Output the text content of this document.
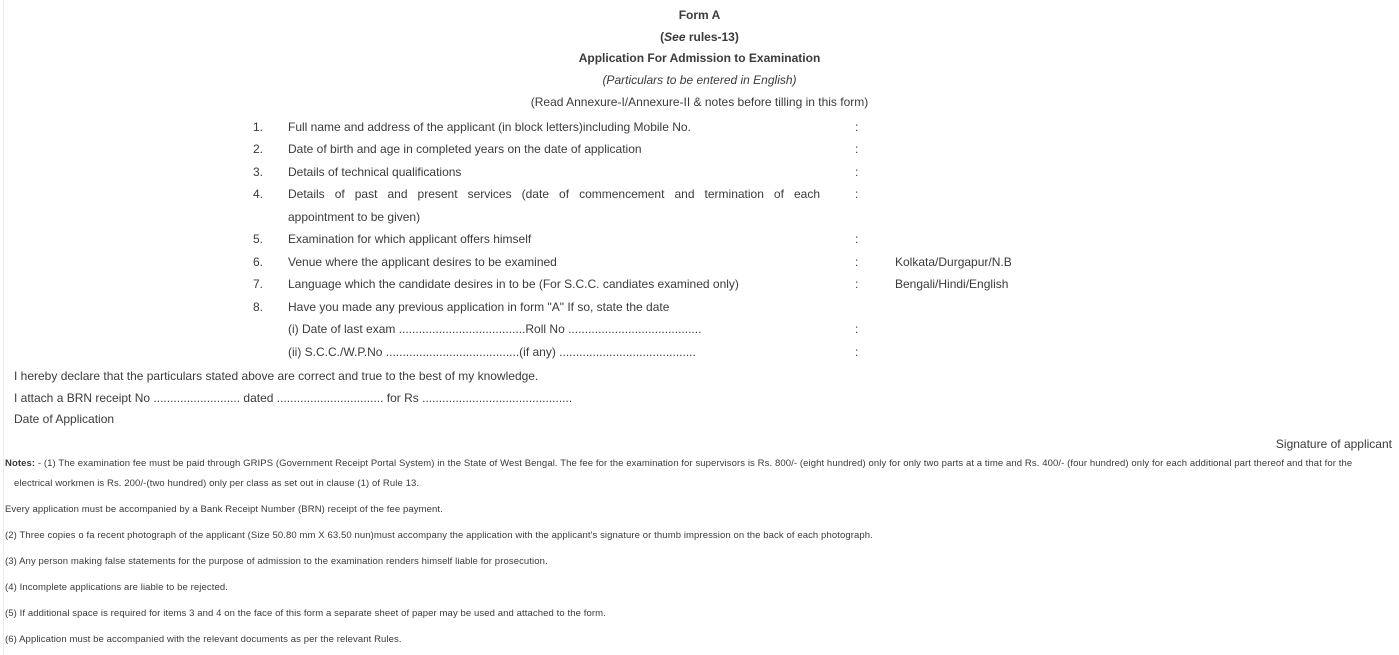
Form A
(See rules-13)
Application For Admission to Examination
(Particulars to be entered in English)
(Read Annexure-I/Annexure-II & notes before tilling in this form)
1.	Full name and address of the applicant (in block letters)including Mobile No.	:
2.	Date of birth and age in completed years on the date of application	:
3.	Details of technical qualifications	:
4.	Details of past and present services (date of commencement and termination of each
appointment to be given)
:
5.	Examination for which applicant offers himself	:
6.	Venue where the applicant desires to be examined	:	Kolkata/Durgapur/N.B
7.	Language which the candidate desires in to be (For S.C.C. candiates examined only)	:	Bengali/Hindi/English
8.	Have you made any previous application in form "A" If so, state the date
(i) Date of last exam ......................................Roll No ........................................	:
(ii) S.C.C./W.P.No ........................................(if any) .........................................	:
I hereby declare that the particulars stated above are correct and true to the best of my knowledge.
I attach a BRN receipt No .......................... dated ................................ for Rs .............................................
Date of Application
Signature of applicant
Notes: - (1) The examination fee must be paid through GRIPS (Government Receipt Portal System) in the State of West Bengal. The fee for the examination for supervisors is Rs. 800/- (eight hundred) only for only two parts at a time and Rs. 400/- (four hundred) only for each additional part thereof and that for the
electrical workmen is Rs. 200/-(two hundred) only per class as set out in clause (1) of Rule 13.
Every application must be accompanied by a Bank Receipt Number (BRN) receipt of the fee payment.
(2) Three copies o fa recent photograph of the applicant (Size 50.80 mm X 63.50 nun)must accompany the application with the applicant's signature or thumb impression on the back of each photograph.
(3) Any person making false statements for the purpose of admission to the examination renders himself liable for prosecution.
(4) Incomplete applications are liable to be rejected.
(5) If additional space is required for items 3 and 4 on the face of this form a separate sheet of paper may be used and attached to the form.
(6) Application must be accompanied with the relevant documents as per the relevant Rules.
